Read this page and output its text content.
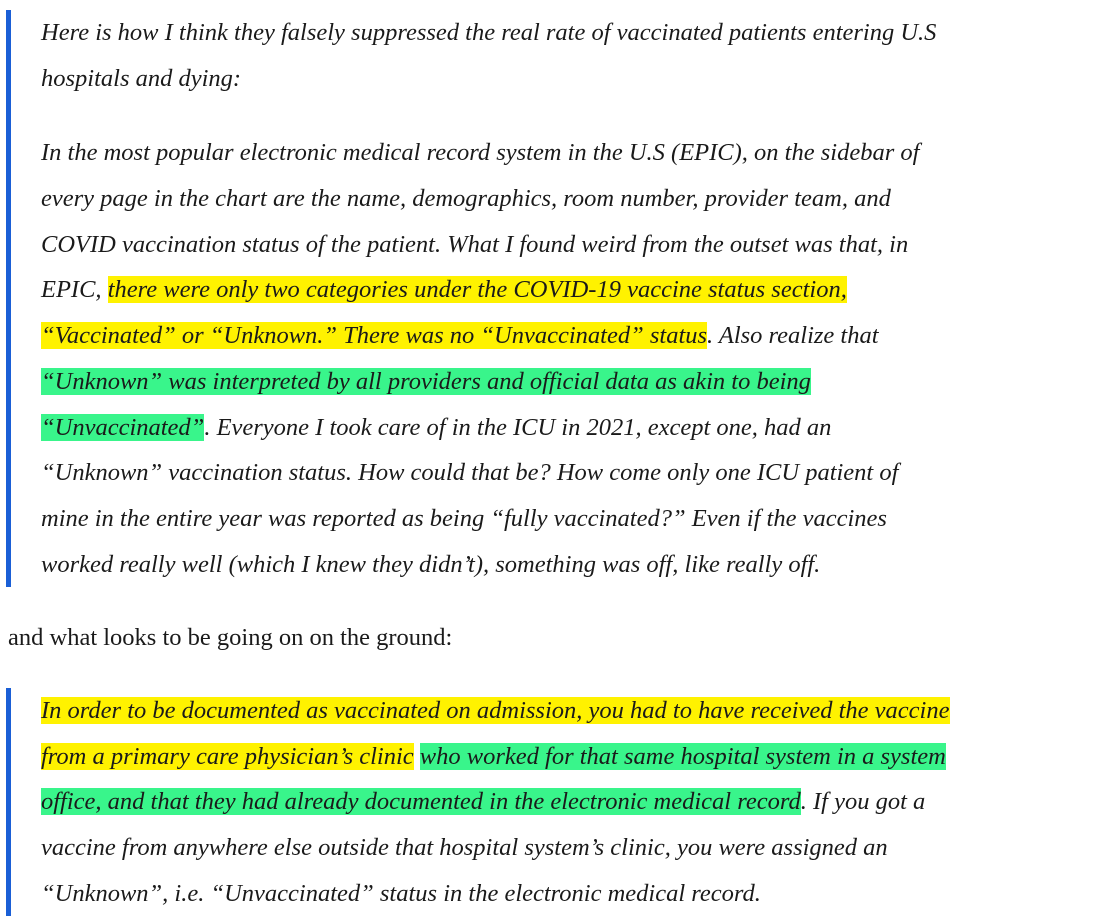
Here is how I think they falsely suppressed the real rate of vaccinated patients entering U.S
hospitals and dying:
In the most popular electronic medical record system in the U.S (EPIC), on the sidebar of
every page in the chart are the name, demographics, room number, provider team, and
COVID vaccination status of the patient. What I found weird from the outset was that, in
EPIC, there were only two categories under the COVID-19 vaccine status section,
“Vaccinated” or “Unknown.” There was no “Unvaccinated” status. Also realize that
“Unknown” was interpreted by all providers and official data as akin to being
“Unvaccinated”. Everyone I took care of in the ICU in 2021, except one, had an
“Unknown” vaccination status. How could that be? How come only one ICU patient of
mine in the entire year was reported as being “fully vaccinated?” Even if the vaccines
worked really well (which I knew they didn’t), something was off, like really off.
and what looks to be going on on the ground:
In order to be documented as vaccinated on admission, you had to have received the vaccine
from a primary care physician’s clinic who worked for that same hospital system in a system
office, and that they had already documented in the electronic medical record. If you got a
vaccine from anywhere else outside that hospital system’s clinic, you were assigned an
“Unknown”, i.e. “Unvaccinated” status in the electronic medical record.
